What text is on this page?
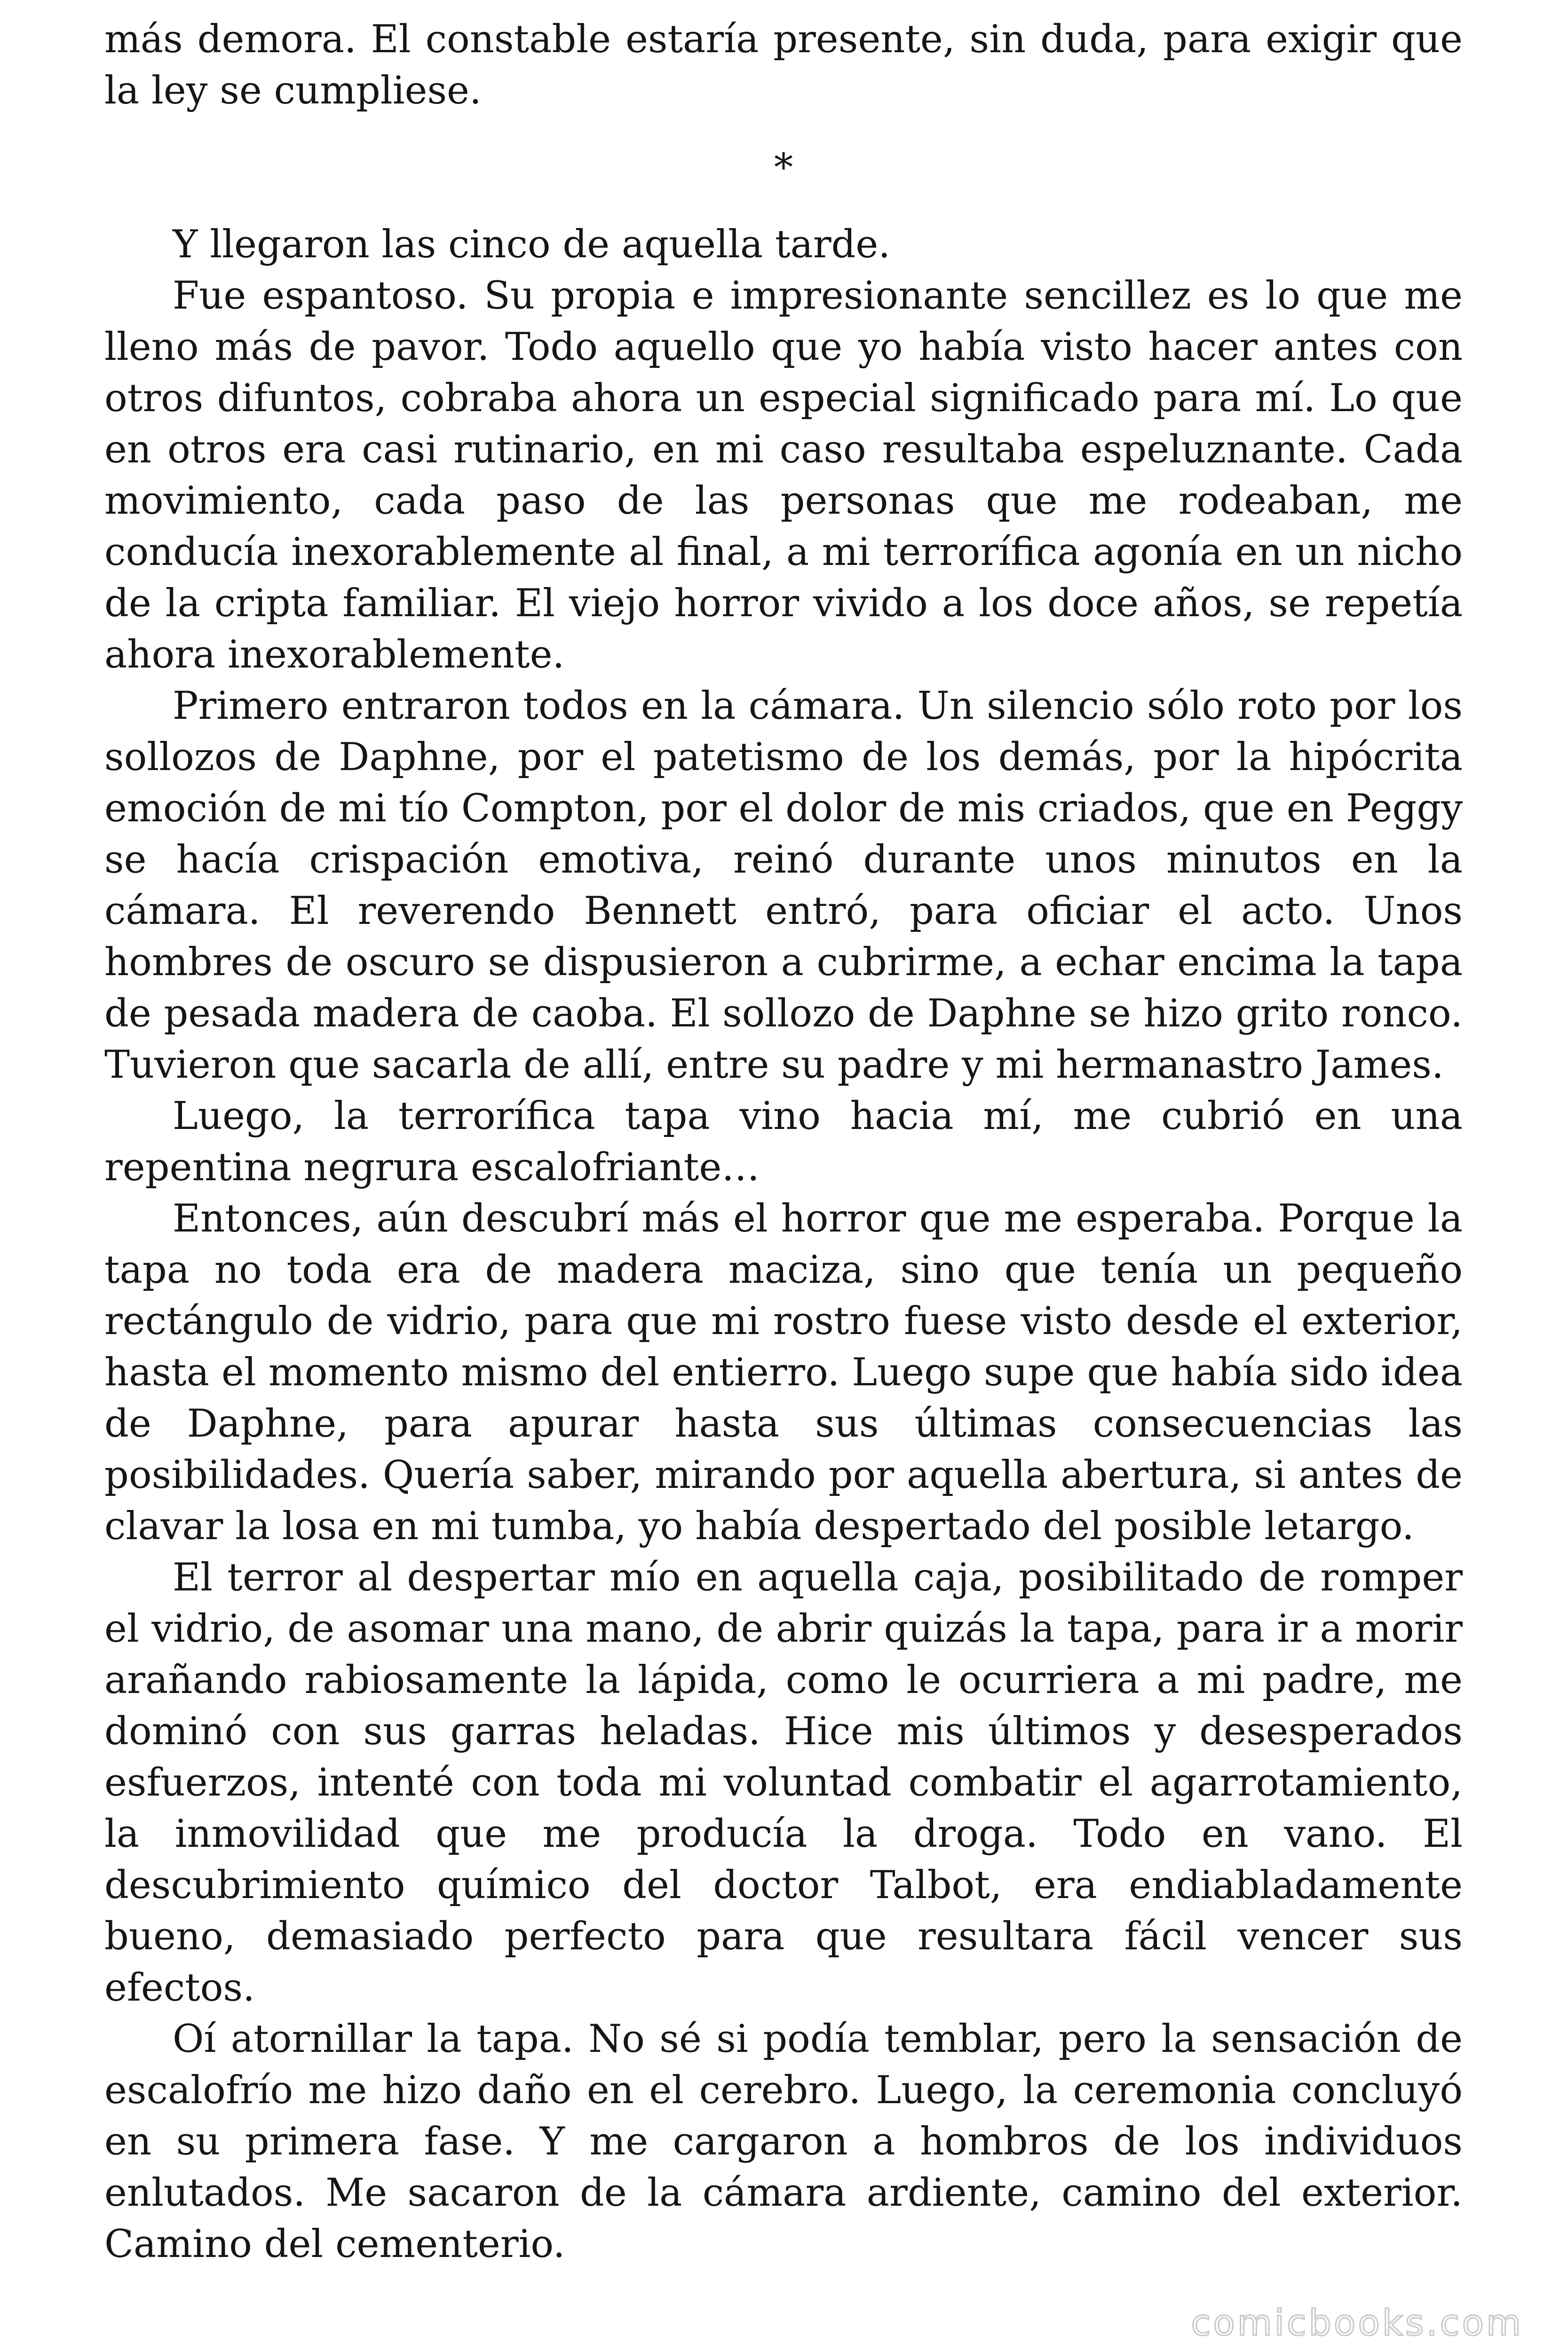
más demora. El constable estaría presente, sin duda, para exigir que la ley se cumpliese.

*

Y llegaron las cinco de aquella tarde.

Fue espantoso. Su propia e impresionante sencillez es lo que me lleno más de pavor. Todo aquello que yo había visto hacer antes con otros difuntos, cobraba ahora un especial significado para mí. Lo que en otros era casi rutinario, en mi caso resultaba espeluznante. Cada movimiento, cada paso de las personas que me rodeaban, me conducía inexorablemente al final, a mi terrorífica agonía en un nicho de la cripta familiar. El viejo horror vivido a los doce años, se repetía ahora inexorablemente.

Primero entraron todos en la cámara. Un silencio sólo roto por los sollozos de Daphne, por el patetismo de los demás, por la hipócrita emoción de mi tío Compton, por el dolor de mis criados, que en Peggy se hacía crispación emotiva, reinó durante unos minutos en la cámara. El reverendo Bennett entró, para oficiar el acto. Unos hombres de oscuro se dispusieron a cubrirme, a echar encima la tapa de pesada madera de caoba. El sollozo de Daphne se hizo grito ronco. Tuvieron que sacarla de allí, entre su padre y mi hermanastro James.

Luego, la terrorífica tapa vino hacia mí, me cubrió en una repentina negrura escalofriante…

Entonces, aún descubrí más el horror que me esperaba. Porque la tapa no toda era de madera maciza, sino que tenía un pequeño rectángulo de vidrio, para que mi rostro fuese visto desde el exterior, hasta el momento mismo del entierro. Luego supe que había sido idea de Daphne, para apurar hasta sus últimas consecuencias las posibilidades. Quería saber, mirando por aquella abertura, si antes de clavar la losa en mi tumba, yo había despertado del posible letargo.

El terror al despertar mío en aquella caja, posibilitado de romper el vidrio, de asomar una mano, de abrir quizás la tapa, para ir a morir arañando rabiosamente la lápida, como le ocurriera a mi padre, me dominó con sus garras heladas. Hice mis últimos y desesperados esfuerzos, intenté con toda mi voluntad combatir el agarrotamiento, la inmovilidad que me producía la droga. Todo en vano. El descubrimiento químico del doctor Talbot, era endiabladamente bueno, demasiado perfecto para que resultara fácil vencer sus efectos.

Oí atornillar la tapa. No sé si podía temblar, pero la sensación de escalofrío me hizo daño en el cerebro. Luego, la ceremonia concluyó en su primera fase. Y me cargaron a hombros de los individuos enlutados. Me sacaron de la cámara ardiente, camino del exterior. Camino del cementerio.

comicbooks.com
